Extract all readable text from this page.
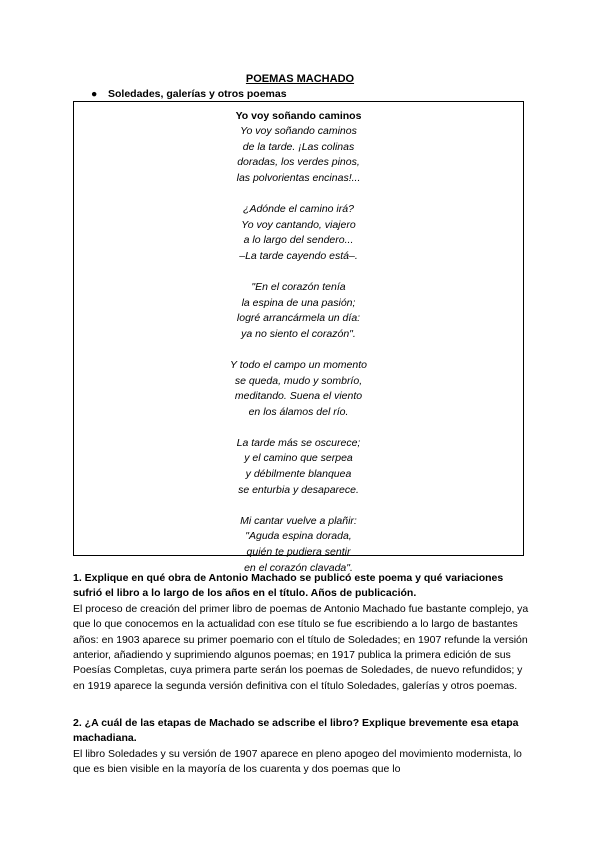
POEMAS MACHADO
● Soledades, galerías y otros poemas
Yo voy soñando caminos
Yo voy soñando caminos
de la tarde. ¡Las colinas
doradas, los verdes pinos,
las polvorientas encinas!...
¿Adónde el camino irá?
Yo voy cantando, viajero
a lo largo del sendero...
–La tarde cayendo está–.
"En el corazón tenía
la espina de una pasión;
logré arrancármela un día:
ya no siento el corazón".
Y todo el campo un momento
se queda, mudo y sombrío,
meditando. Suena el viento
en los álamos del río.
La tarde más se oscurece;
y el camino que serpea
y débilmente blanquea
se enturbia y desaparece.
Mi cantar vuelve a plañir:
"Aguda espina dorada,
quién te pudiera sentir
en el corazón clavada".
1. Explique en qué obra de Antonio Machado se publicó este poema y qué variaciones sufrió el libro a lo largo de los años en el título. Años de publicación.
El proceso de creación del primer libro de poemas de Antonio Machado fue bastante complejo, ya que lo que conocemos en la actualidad con ese título se fue escribiendo a lo largo de bastantes años: en 1903 aparece su primer poemario con el título de Soledades; en 1907 refunde la versión anterior, añadiendo y suprimiendo algunos poemas; en 1917 publica la primera edición de sus Poesías Completas, cuya primera parte serán los poemas de Soledades, de nuevo refundidos; y en 1919 aparece la segunda versión definitiva con el título Soledades, galerías y otros poemas.
2. ¿A cuál de las etapas de Machado se adscribe el libro? Explique brevemente esa etapa machadiana.
El libro Soledades y su versión de 1907 aparece en pleno apogeo del movimiento modernista, lo que es bien visible en la mayoría de los cuarenta y dos poemas que lo
